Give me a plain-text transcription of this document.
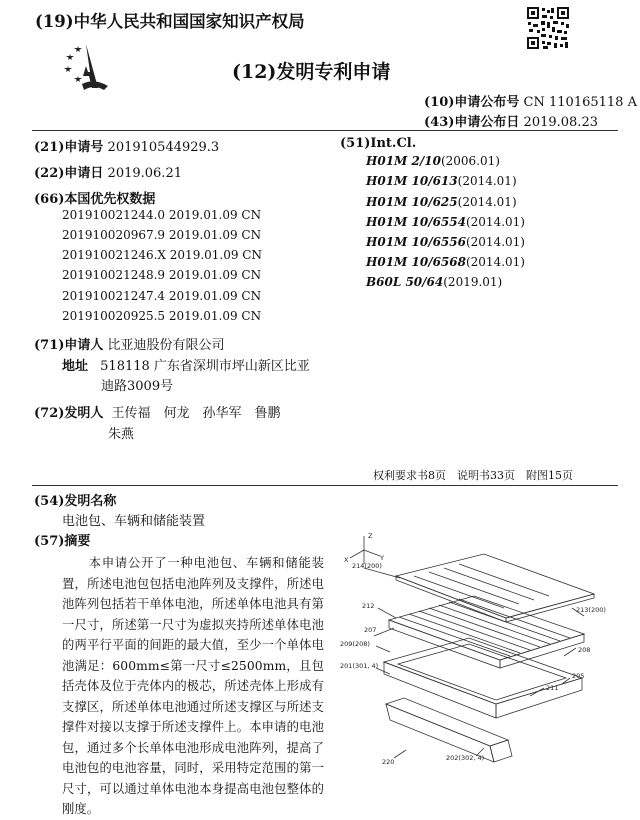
(19)中华人民共和国国家知识产权局
(12)发明专利申请
(10)申请公布号 CN 110165118 A
(43)申请公布日 2019.08.23
(21)申请号 201910544929.3
(22)申请日 2019.06.21
(66)本国优先权数据
201910021244.0 2019.01.09 CN
201910020967.9 2019.01.09 CN
201910021246.X 2019.01.09 CN
201910021248.9 2019.01.09 CN
201910021247.4 2019.01.09 CN
201910020925.5 2019.01.09 CN
(71)申请人 比亚迪股份有限公司
地址 518118 广东省深圳市坪山新区比亚
迪路3009号
(72)发明人 王传福　何龙　孙华军　鲁鹏
朱燕
(51)Int.Cl.
H01M 2/10(2006.01)
H01M 10/613(2014.01)
H01M 10/625(2014.01)
H01M 10/6554(2014.01)
H01M 10/6556(2014.01)
H01M 10/6568(2014.01)
B60L 50/64(2019.01)
权利要求书8页　说明书33页　附图15页
(54)发明名称
电池包、车辆和储能装置
(57)摘要
本申请公开了一种电池包、车辆和储能装置，所述电池包包括电池阵列及支撑件，所述电池阵列包括若干单体电池，所述单体电池具有第一尺寸，所述第一尺寸为虚拟夹持所述单体电池的两平行平面的间距的最大值，至少一个单体电池满足：600mm≤第一尺寸≤2500mm，且包括壳体及位于壳体内的极芯，所述壳体上形成有支撑区，所述单体电池通过所述支撑区与所述支撑件对接以支撑于所述支撑件上。本申请的电池包，通过多个长单体电池形成电池阵列，提高了电池包的电池容量，同时，采用特定范围的第一尺寸，可以通过单体电池本身提高电池包整体的刚度。
Z
X	Y
214(200)
212	213(200)
207
208
209(208)
201(301, 4)
205
211
220	202(302, 4)
